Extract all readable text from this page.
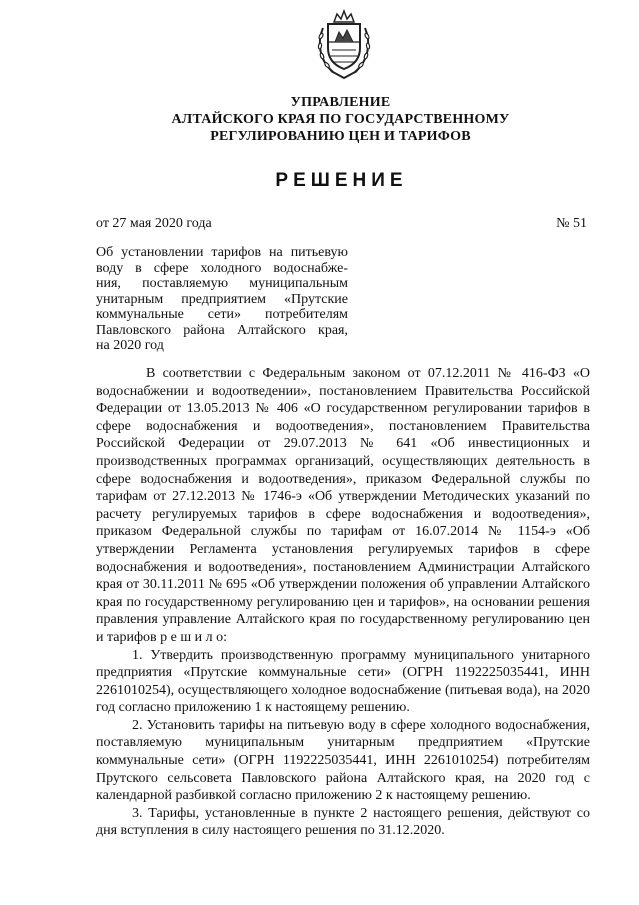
УПРАВЛЕНИЕ
АЛТАЙСКОГО КРАЯ ПО ГОСУДАРСТВЕННОМУ
РЕГУЛИРОВАНИЮ ЦЕН И ТАРИФОВ
РЕШЕНИЕ
от 27 мая 2020 года	№ 51
Об установлении тарифов на питьевую
воду в сфере холодного водоснабже-
ния, поставляемую муниципальным
унитарным предприятием «Прутские
коммунальные сети» потребителям
Павловского района Алтайского края,
на 2020 год

В соответствии с Федеральным законом от 07.12.2011 № 416-ФЗ «О водоснабжении и водоотведении», постановлением Правительства Российской Федерации от 13.05.2013 № 406 «О государственном регулировании тарифов в сфере водоснабжения и водоотведения», постановлением Правительства Российской Федерации от 29.07.2013 № 641 «Об инвестиционных и производственных программах организаций, осуществляющих деятельность в сфере водоснабжения и водоотведения», приказом Федеральной службы по тарифам от 27.12.2013 № 1746-э «Об утверждении Методических указаний по расчету регулируемых тарифов в сфере водоснабжения и водоотведения», приказом Федеральной службы по тарифам от 16.07.2014 № 1154-э «Об утверждении Регламента установления регулируемых тарифов в сфере водоснабжения и водоотведения», постановлением Администрации Алтайского края от 30.11.2011 № 695 «Об утверждении положения об управлении Алтайского края по государственному регулированию цен и тарифов», на основании решения правления управление Алтайского края по государственному регулированию цен и тарифов р е ш и л о:

1. Утвердить производственную программу муниципального унитарного предприятия «Прутские коммунальные сети» (ОГРН 1192225035441, ИНН 2261010254), осуществляющего холодное водоснабжение (питьевая вода), на 2020 год согласно приложению 1 к настоящему решению.

2. Установить тарифы на питьевую воду в сфере холодного водоснабжения, поставляемую муниципальным унитарным предприятием «Прутские коммунальные сети» (ОГРН 1192225035441, ИНН 2261010254) потребителям Прутского сельсовета Павловского района Алтайского края, на 2020 год с календарной разбивкой согласно приложению 2 к настоящему решению.

3. Тарифы, установленные в пункте 2 настоящего решения, действуют со дня вступления в силу настоящего решения по 31.12.2020.
